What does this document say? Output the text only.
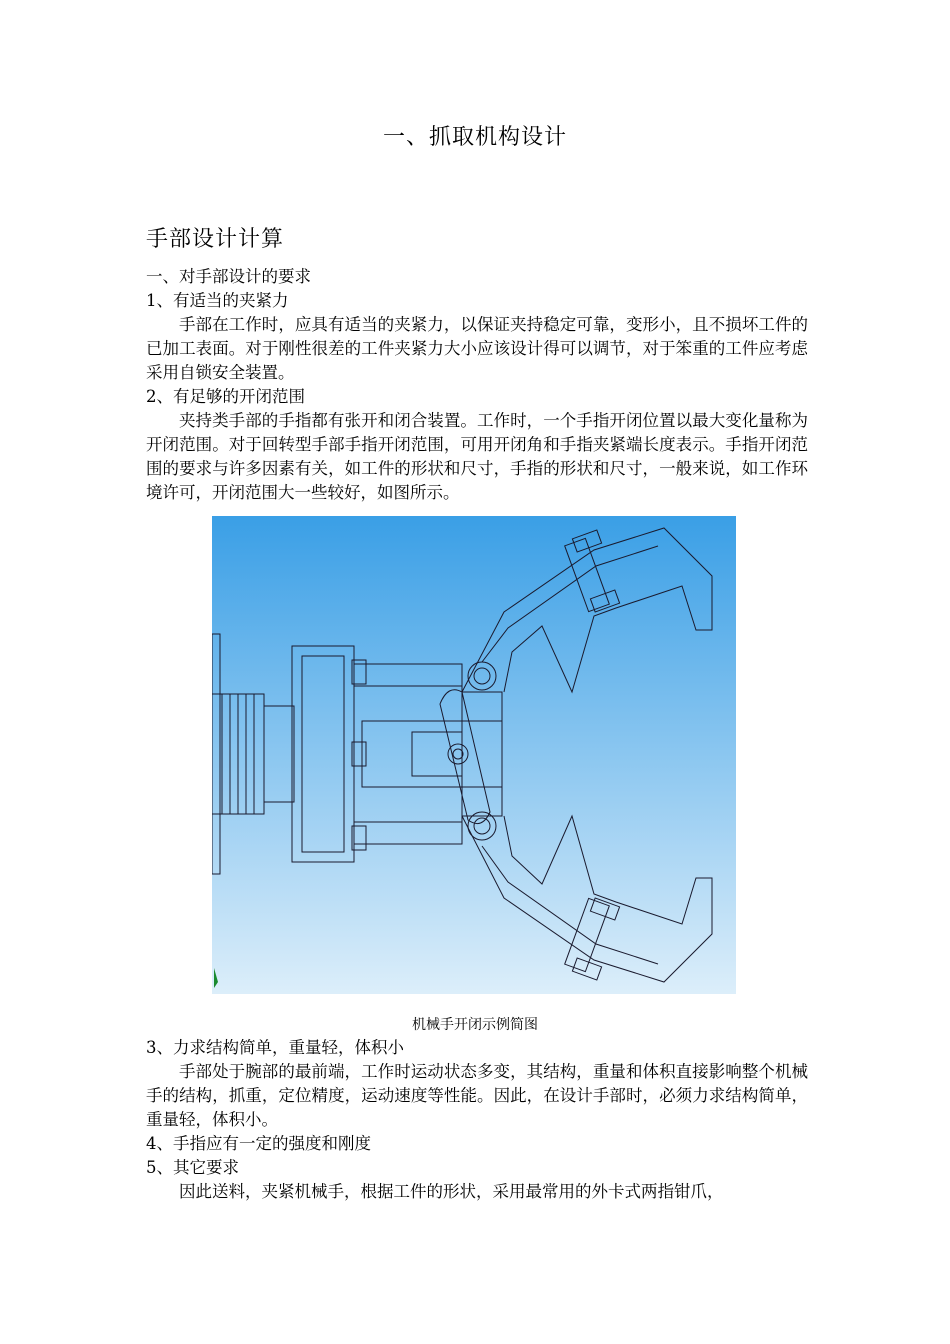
一、抓取机构设计
手部设计计算

一、对手部设计的要求

1、有适当的夹紧力

手部在工作时，应具有适当的夹紧力，以保证夹持稳定可靠，变形小，且不损坏工件的已加工表面。对于刚性很差的工件夹紧力大小应该设计得可以调节，对于笨重的工件应考虑采用自锁安全装置。

2、有足够的开闭范围

夹持类手部的手指都有张开和闭合装置。工作时，一个手指开闭位置以最大变化量称为开闭范围。对于回转型手部手指开闭范围，可用开闭角和手指夹紧端长度表示。手指开闭范围的要求与许多因素有关，如工件的形状和尺寸，手指的形状和尺寸，一般来说，如工作环境许可，开闭范围大一些较好，如图所示。

机械手开闭示例简图

3、力求结构简单，重量轻，体积小

手部处于腕部的最前端，工作时运动状态多变，其结构，重量和体积直接影响整个机械手的结构，抓重，定位精度，运动速度等性能。因此，在设计手部时，必须力求结构简单，重量轻，体积小。

4、手指应有一定的强度和刚度

5、其它要求

因此送料，夹紧机械手，根据工件的形状，采用最常用的外卡式两指钳爪，
